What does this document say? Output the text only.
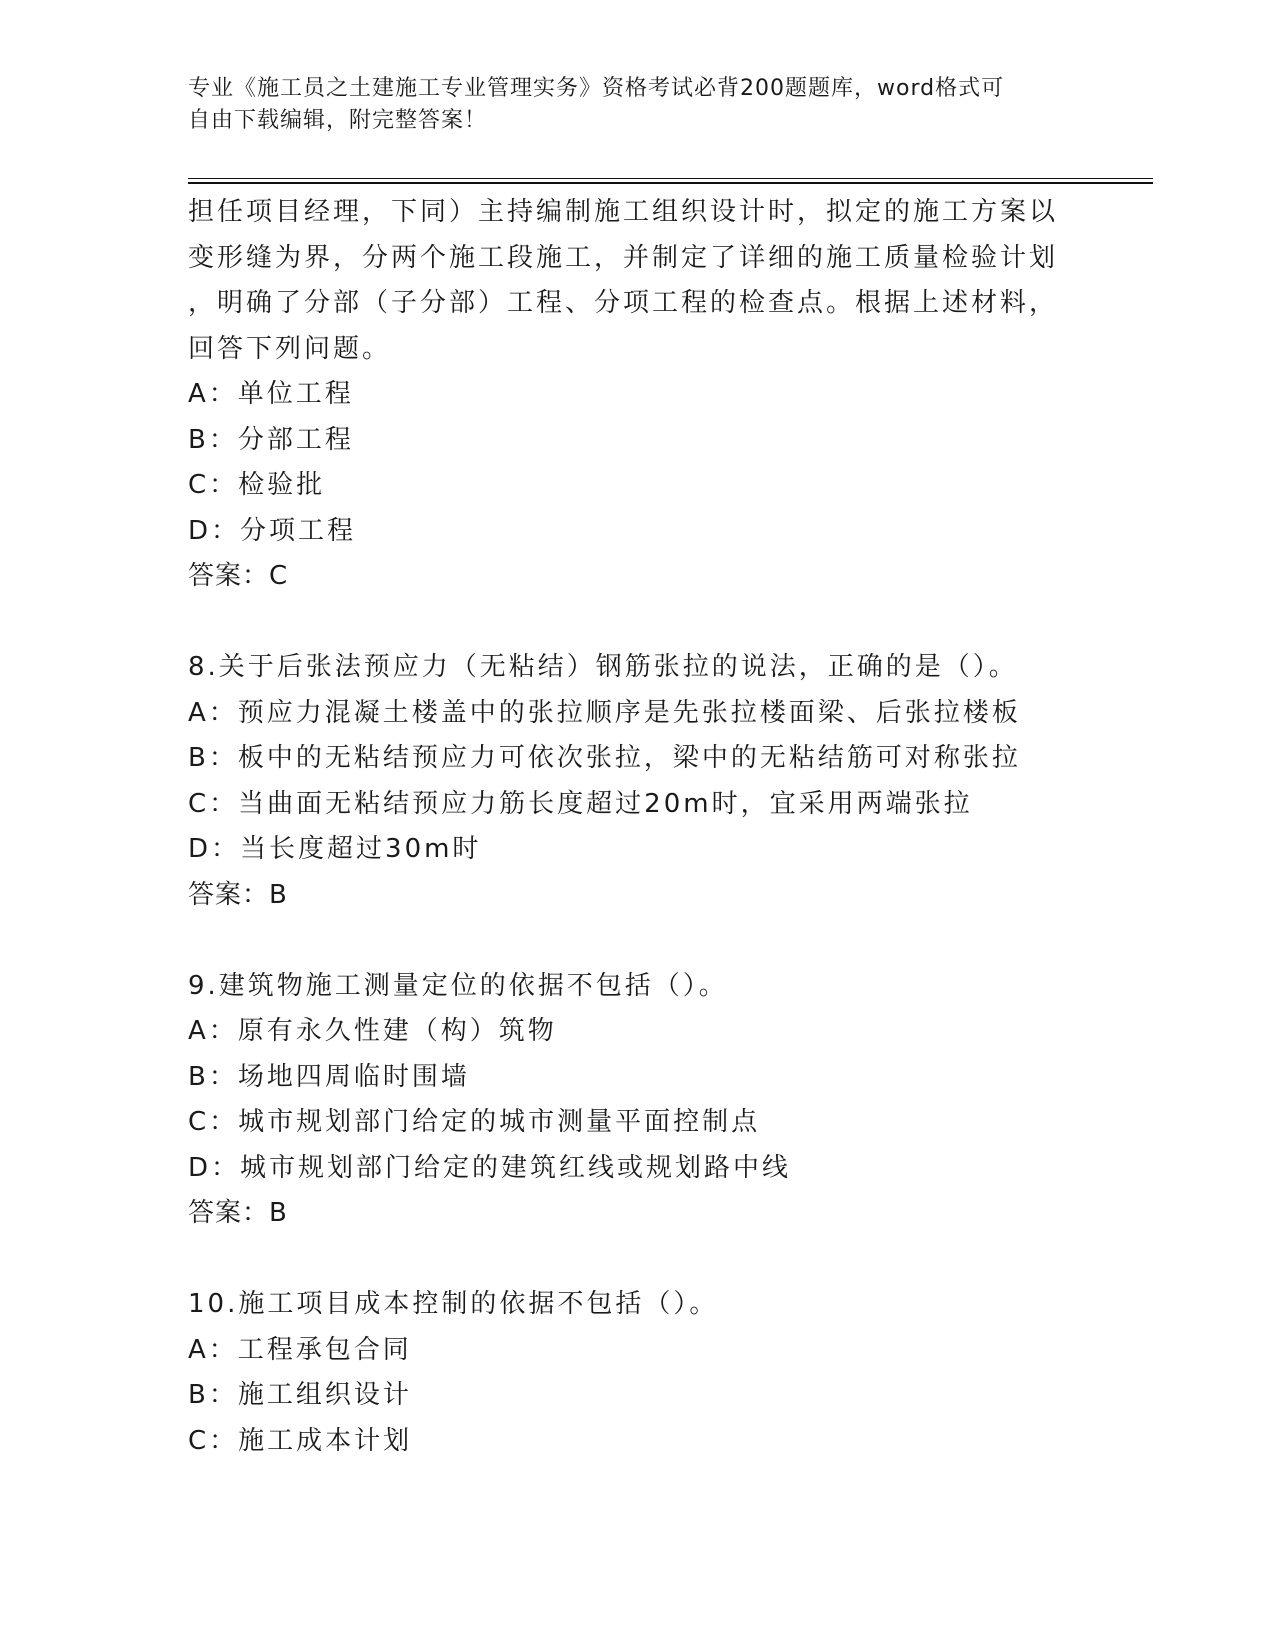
专业《施工员之土建施工专业管理实务》资格考试必背200题题库，word格式可
自由下载编辑，附完整答案！
担任项目经理，下同）主持编制施工组织设计时，拟定的施工方案以
变形缝为界，分两个施工段施工，并制定了详细的施工质量检验计划
，明确了分部（子分部）工程、分项工程的检查点。根据上述材料，
回答下列问题。
A：单位工程
B：分部工程
C：检验批
D：分项工程
答案：C
8.关于后张法预应力（无粘结）钢筋张拉的说法，正确的是（）。
A：预应力混凝土楼盖中的张拉顺序是先张拉楼面梁、后张拉楼板
B：板中的无粘结预应力可依次张拉，梁中的无粘结筋可对称张拉
C：当曲面无粘结预应力筋长度超过20m时，宜采用两端张拉
D：当长度超过30m时
答案：B
9.建筑物施工测量定位的依据不包括（）。
A：原有永久性建（构）筑物
B：场地四周临时围墙
C：城市规划部门给定的城市测量平面控制点
D：城市规划部门给定的建筑红线或规划路中线
答案：B
10.施工项目成本控制的依据不包括（）。
A：工程承包合同
B：施工组织设计
C：施工成本计划
